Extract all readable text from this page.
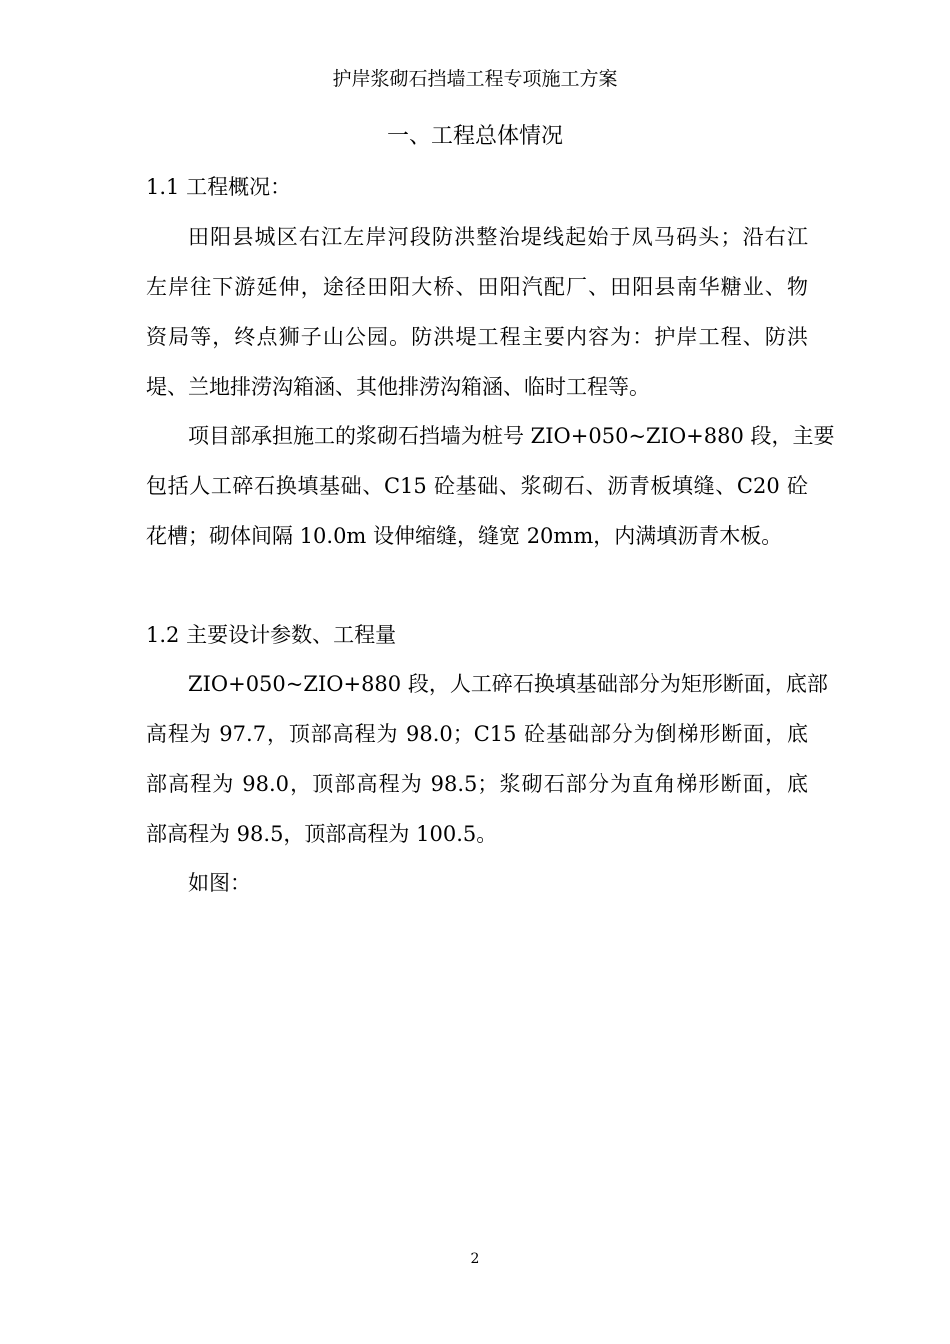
护岸浆砌石挡墙工程专项施工方案
一、工程总体情况
1.1 工程概况：
田阳县城区右江左岸河段防洪整治堤线起始于凤马码头；沿右江
左岸往下游延伸，途径田阳大桥、田阳汽配厂、田阳县南华糖业、物
资局等，终点狮子山公园。防洪堤工程主要内容为：护岸工程、防洪
堤、兰地排涝沟箱涵、其他排涝沟箱涵、临时工程等。
项目部承担施工的浆砌石挡墙为桩号 ZIO+050~ZIO+880 段，主要
包括人工碎石换填基础、C15 砼基础、浆砌石、沥青板填缝、C20 砼
花槽；砌体间隔 10.0m 设伸缩缝，缝宽 20mm，内满填沥青木板。
1.2 主要设计参数、工程量
ZIO+050~ZIO+880 段，人工碎石换填基础部分为矩形断面，底部
高程为 97.7，顶部高程为 98.0；C15 砼基础部分为倒梯形断面，底
部高程为 98.0，顶部高程为 98.5；浆砌石部分为直角梯形断面，底
部高程为 98.5，顶部高程为 100.5。
如图：
2
